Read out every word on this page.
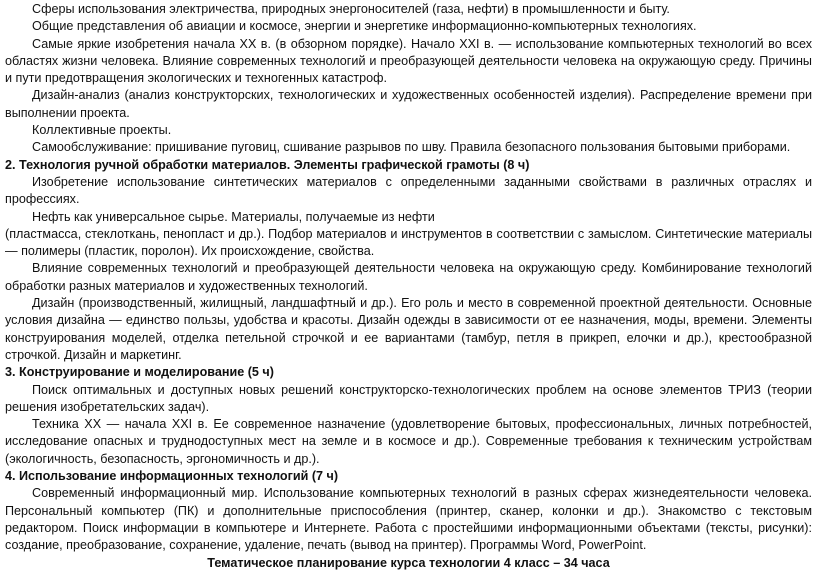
Сферы использования электричества, природных энергоносителей (газа, нефти) в промышленности и быту.

Общие представления об авиации и космосе, энергии и энергетике информационно-компьютерных технологиях.

Самые яркие изобретения начала XX в. (в обзорном порядке). Начало XXI в. — использование компьютерных технологий во всех областях жизни человека. Влияние современных технологий и преобразующей деятельности человека на окружающую среду. Причины и пути предотвращения экологических и техногенных катастроф.

Дизайн-анализ (анализ конструкторских, технологических и художественных особенностей изделия). Распределение времени при выполнении проекта.

Коллективные проекты.

Самообслуживание: пришивание пуговиц, сшивание разрывов по шву. Правила безопасного пользования бытовыми приборами.

2. Технология ручной обработки материалов. Элементы графической грамоты (8 ч)

Изобретение иcпользование синтетических материалов с определенными заданными свойствами в различных отраслях и профессиях.

Нефть как универсальное сырье. Материалы, получаемые из нефти

(пластмасса, стеклоткань, пенопласт и др.). Подбор материалов и инструментов в соответствии с замыслом. Синтетические материалы — полимеры (пластик, поролон). Их происхождение, свойства.

Влияние современных технологий и преобразующей деятельности человека на окружающую среду. Комбинирование технологий обработки разных материалов и художественных технологий.

Дизайн (производственный, жилищный, ландшафтный и др.). Его роль и место в современной проектной деятельности. Основные условия дизайна — единство пользы, удобства и красоты. Дизайн одежды в зависимости от ее назначения, моды, времени. Элементы конструирования моделей, отделка петельной строчкой и ее вариантами (тамбур, петля в прикреп, елочки и др.), крестообразной строчкой. Дизайн и маркетинг.

3. Конструирование и моделирование (5 ч)

Поиск оптимальных и доступных новых решений конструкторско-технологических проблем на основе элементов ТРИЗ (теории решения изобретательских задач).

Техника XX — начала XXI в. Ее современное назначение (удовлетворение бытовых, профессиональных, личных потребностей, исследование опасных и труднодоступных мест на земле и в космосе и др.). Современные требования к техническим устройствам (экологичность, безопасность, эргономичность и др.).

4. Использование информационных технологий (7 ч)

Современный информационный мир. Использование компьютерных технологий в разных сферах жизнедеятельности человека. Персональный компьютер (ПК) и дополнительные приспособления (принтер, сканер, колонки и др.). Знакомство с текстовым редактором. Поиск информации в компьютере и Интернете. Работа с простейшими информационными объектами (тексты, рисунки): создание, преобразование, сохранение, удаление, печать (вывод на принтер). Программы Word, PowerPoint.

Тематическое планирование курса технологии 4 класс – 34 часа
